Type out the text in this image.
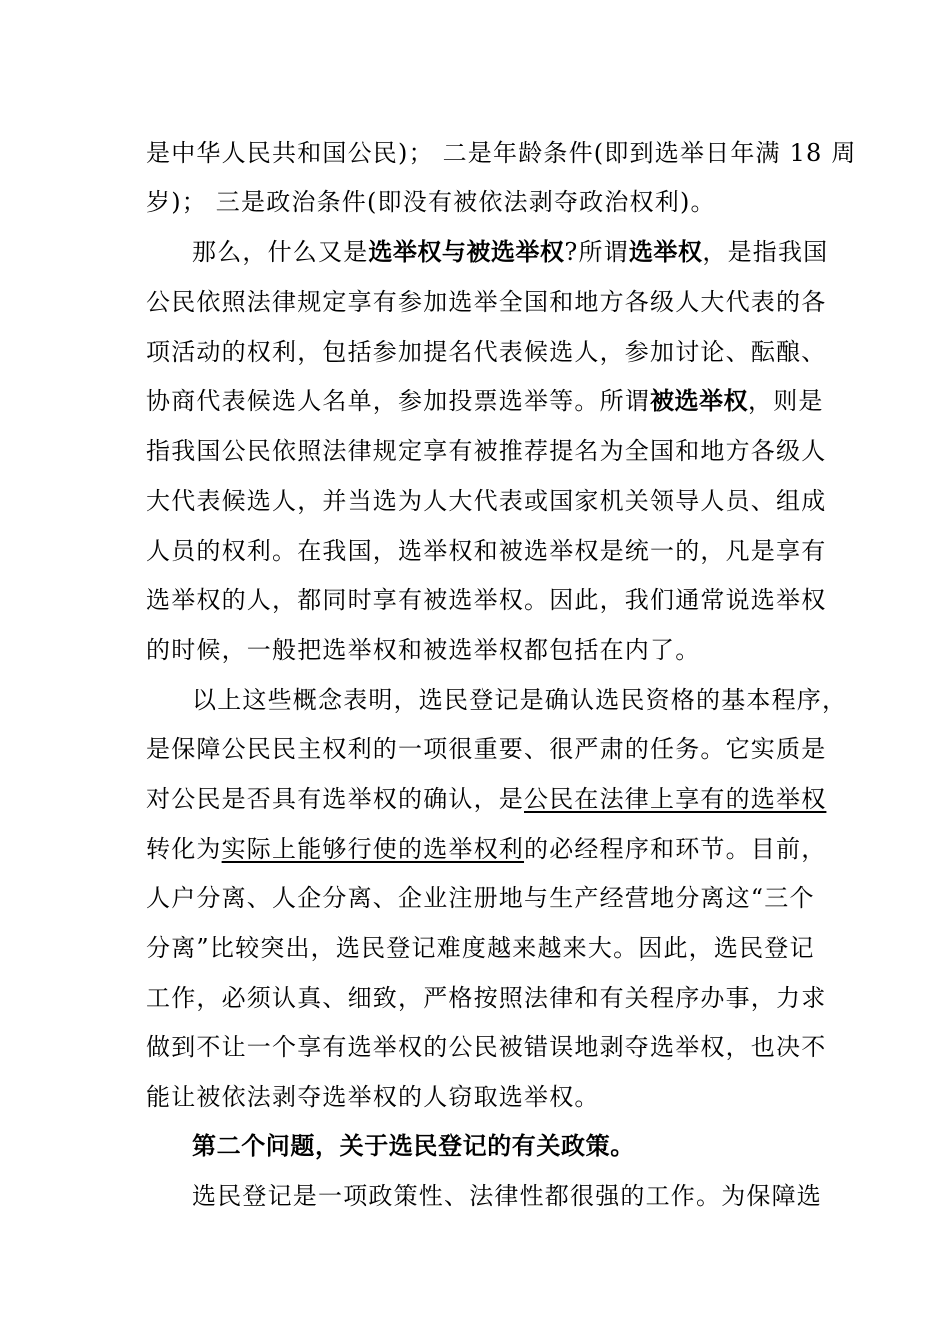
是中华人民共和国公民)； 二是年龄条件(即到选举日年满 18 周
岁)； 三是政治条件(即没有被依法剥夺政治权利)。
那么，什么又是选举权与被选举权?所谓选举权，是指我国
公民依照法律规定享有参加选举全国和地方各级人大代表的各
项活动的权利，包括参加提名代表候选人，参加讨论、酝酿、
协商代表候选人名单，参加投票选举等。所谓被选举权，则是
指我国公民依照法律规定享有被推荐提名为全国和地方各级人
大代表候选人，并当选为人大代表或国家机关领导人员、组成
人员的权利。在我国，选举权和被选举权是统一的，凡是享有
选举权的人，都同时享有被选举权。因此，我们通常说选举权
的时候，一般把选举权和被选举权都包括在内了。
以上这些概念表明，选民登记是确认选民资格的基本程序，
是保障公民民主权利的一项很重要、很严肃的任务。它实质是
对公民是否具有选举权的确认，是公民在法律上享有的选举权
转化为实际上能够行使的选举权利的必经程序和环节。目前，
人户分离、人企分离、企业注册地与生产经营地分离这“三个
分离”比较突出，选民登记难度越来越来大。因此，选民登记
工作，必须认真、细致，严格按照法律和有关程序办事，力求
做到不让一个享有选举权的公民被错误地剥夺选举权，也决不
能让被依法剥夺选举权的人窃取选举权。
第二个问题，关于选民登记的有关政策。
选民登记是一项政策性、法律性都很强的工作。为保障选
